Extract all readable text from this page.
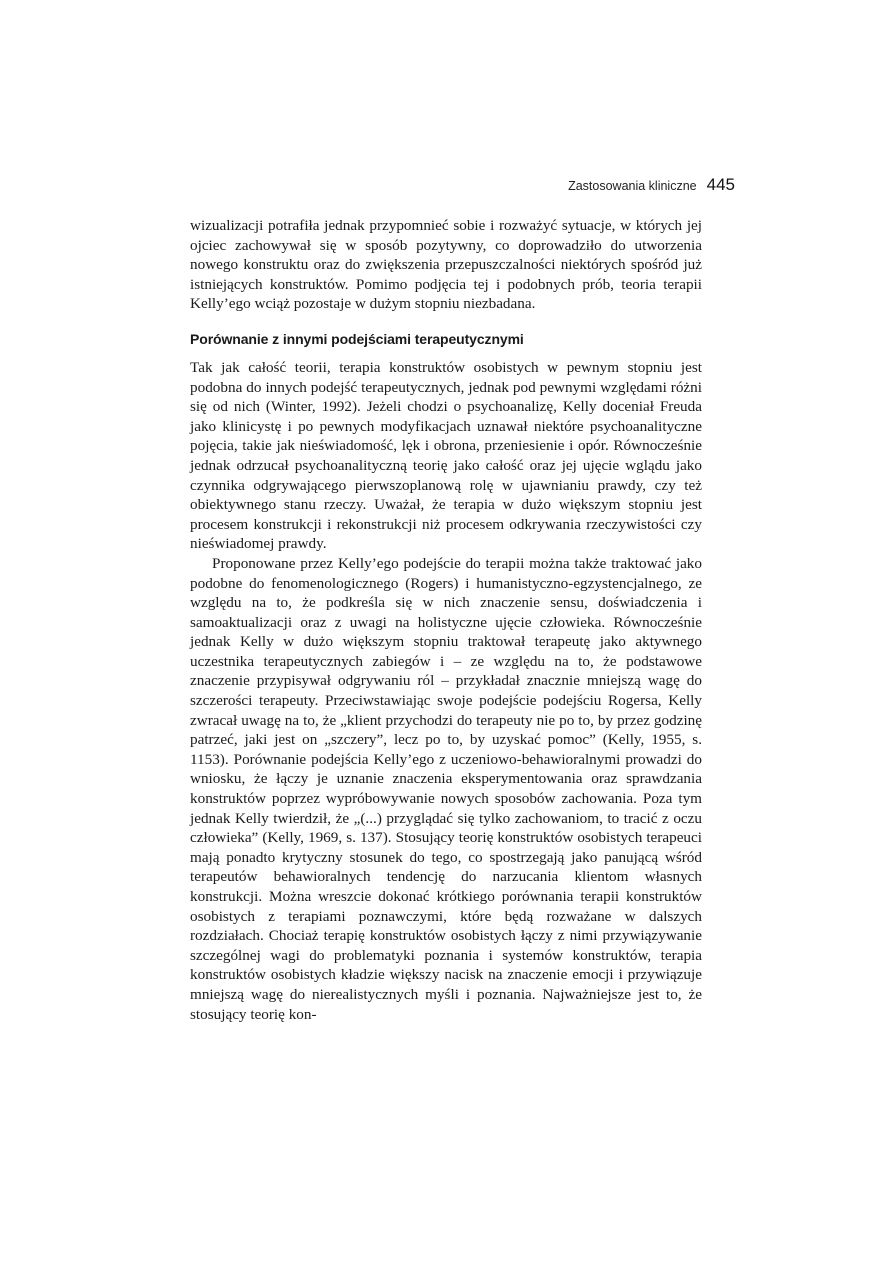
Zastosowania kliniczne 445

wizualizacji potrafiła jednak przypomnieć sobie i rozważyć sytuacje, w których jej ojciec zachowywał się w sposób pozytywny, co doprowadziło do utworzenia nowego konstruktu oraz do zwiększenia przepuszczalności niektórych spośród już istniejących konstruktów. Pomimo podjęcia tej i podobnych prób, teoria terapii Kelly’ego wciąż pozostaje w dużym stopniu niezbadana.

Porównanie z innymi podejściami terapeutycznymi

Tak jak całość teorii, terapia konstruktów osobistych w pewnym stopniu jest podobna do innych podejść terapeutycznych, jednak pod pewnymi względami różni się od nich (Winter, 1992). Jeżeli chodzi o psychoanalizę, Kelly doceniał Freuda jako klinicystę i po pewnych modyfikacjach uznawał niektóre psychoanalityczne pojęcia, takie jak nieświadomość, lęk i obrona, przeniesienie i opór. Równocześnie jednak odrzucał psychoanalityczną teorię jako całość oraz jej ujęcie wglądu jako czynnika odgrywającego pierwszoplanową rolę w ujawnianiu prawdy, czy też obiektywnego stanu rzeczy. Uważał, że terapia w dużo większym stopniu jest procesem konstrukcji i rekonstrukcji niż procesem odkrywania rzeczywistości czy nieświadomej prawdy.

Proponowane przez Kelly’ego podejście do terapii można także traktować jako podobne do fenomenologicznego (Rogers) i humanistyczno-egzystencjalnego, ze względu na to, że podkreśla się w nich znaczenie sensu, doświadczenia i samoaktualizacji oraz z uwagi na holistyczne ujęcie człowieka. Równocześnie jednak Kelly w dużo większym stopniu traktował terapeutę jako aktywnego uczestnika terapeutycznych zabiegów i – ze względu na to, że podstawowe znaczenie przypisywał odgrywaniu ról – przykładał znacznie mniejszą wagę do szczerości terapeuty. Przeciwstawiając swoje podejście podejściu Rogersa, Kelly zwracał uwagę na to, że „klient przychodzi do terapeuty nie po to, by przez godzinę patrzeć, jaki jest on „szczery”, lecz po to, by uzyskać pomoc” (Kelly, 1955, s. 1153). Porównanie podejścia Kelly’ego z uczeniowo-behawioralnymi prowadzi do wniosku, że łączy je uznanie znaczenia eksperymentowania oraz sprawdzania konstruktów poprzez wypróbowywanie nowych sposobów zachowania. Poza tym jednak Kelly twierdził, że „(...) przyglądać się tylko zachowaniom, to tracić z oczu człowieka” (Kelly, 1969, s. 137). Stosujący teorię konstruktów osobistych terapeuci mają ponadto krytyczny stosunek do tego, co spostrzegają jako panującą wśród terapeutów behawioralnych tendencję do narzucania klientom własnych konstrukcji. Można wreszcie dokonać krótkiego porównania terapii konstruktów osobistych z terapiami poznawczymi, które będą rozważane w dalszych rozdziałach. Chociaż terapię konstruktów osobistych łączy z nimi przywiązywanie szczególnej wagi do problematyki poznania i systemów konstruktów, terapia konstruktów osobistych kładzie większy nacisk na znaczenie emocji i przywiązuje mniejszą wagę do nierealistycznych myśli i poznania. Najważniejsze jest to, że stosujący teorię kon-
